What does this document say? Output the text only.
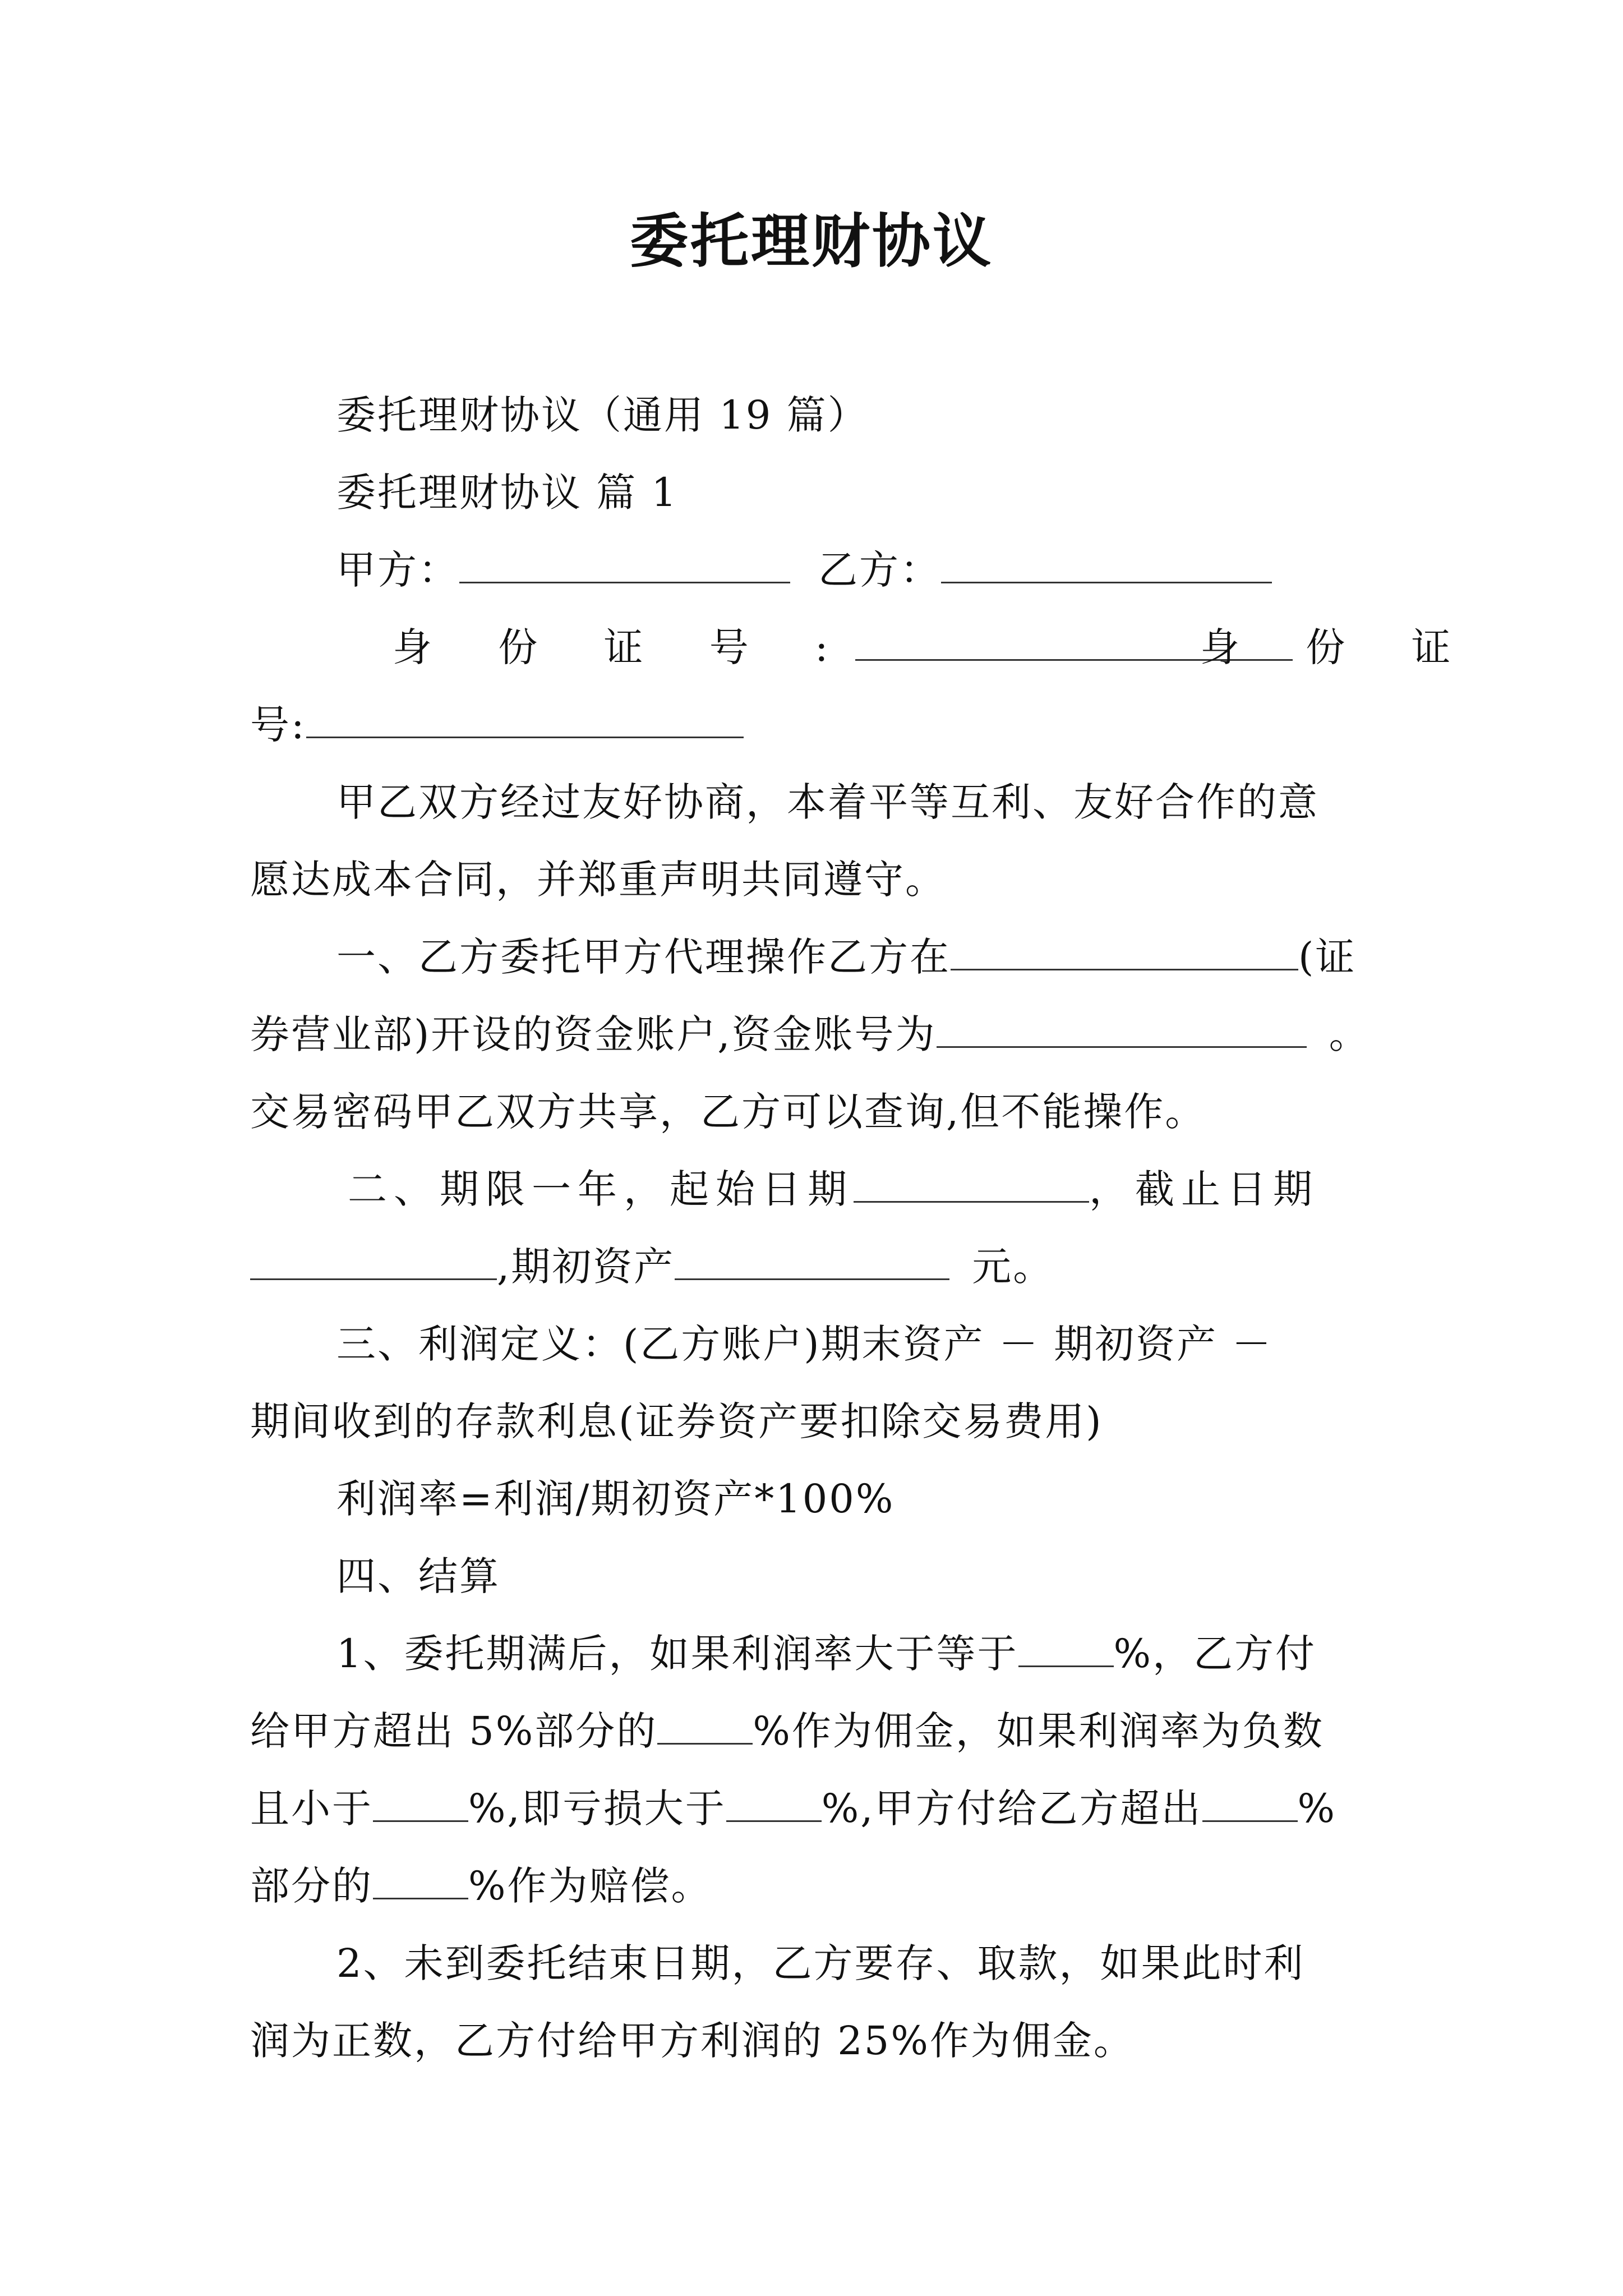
委托理财协议
委托理财协议（通用 19 篇）
委托理财协议 篇 1
甲方：	乙方：
身 份 证 号 :	身 份 证
号:
甲乙双方经过友好协商，本着平等互利、友好合作的意
愿达成本合同，并郑重声明共同遵守。
一、乙方委托甲方代理操作乙方在	(证
券营业部)开设的资金账户,资金账号为	。
交易密码甲乙双方共享，乙方可以查询,但不能操作。
二、期限一年，起始日期	，截止日期
,期初资产	元。
三、利润定义：(乙方账户)期末资产 － 期初资产 －
期间收到的存款利息(证券资产要扣除交易费用)
利润率=利润/期初资产*100%
四、结算
1、委托期满后，如果利润率大于等于 %，乙方付
给甲方超出 5%部分的 %作为佣金，如果利润率为负数
且小于 %,即亏损大于 %,甲方付给乙方超出 %
部分的 %作为赔偿。
2、未到委托结束日期，乙方要存、取款，如果此时利
润为正数，乙方付给甲方利润的 25%作为佣金。
